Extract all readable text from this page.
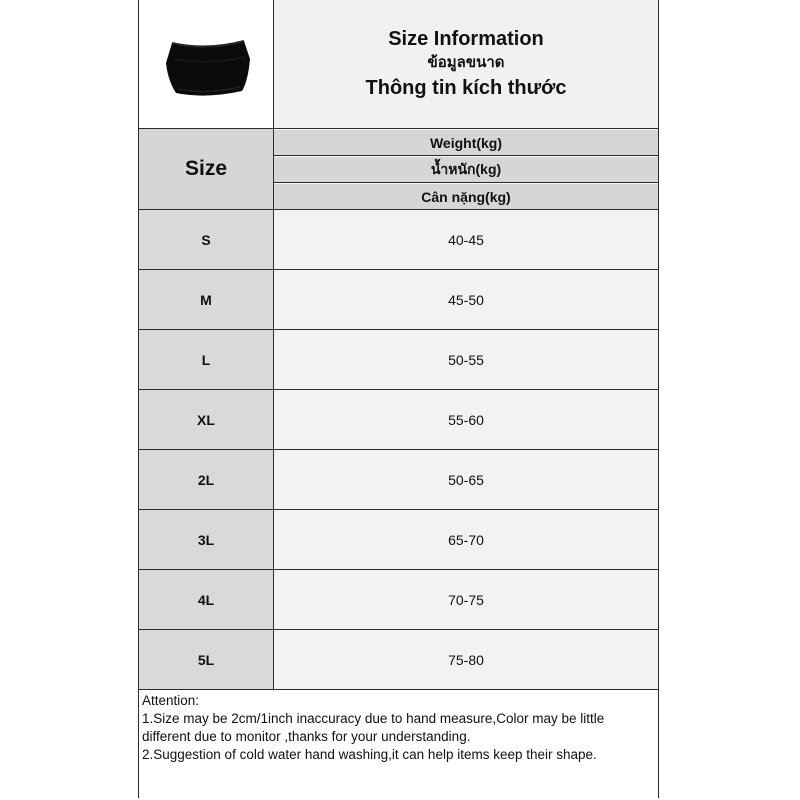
Size Information
ข้อมูลขนาด
Thông tin kích thước
Size
Weight(kg)
น้ำหนัก(kg)
Cân nặng(kg)
S	40-45
M	45-50
L	50-55
XL	55-60
2L	50-65
3L	65-70
4L	70-75
5L	75-80
Attention:
1.Size may be 2cm/1inch inaccuracy due to hand measure,Color may be little
different due to monitor ,thanks for your understanding.
2.Suggestion of cold water hand washing,it can help items keep their shape.
